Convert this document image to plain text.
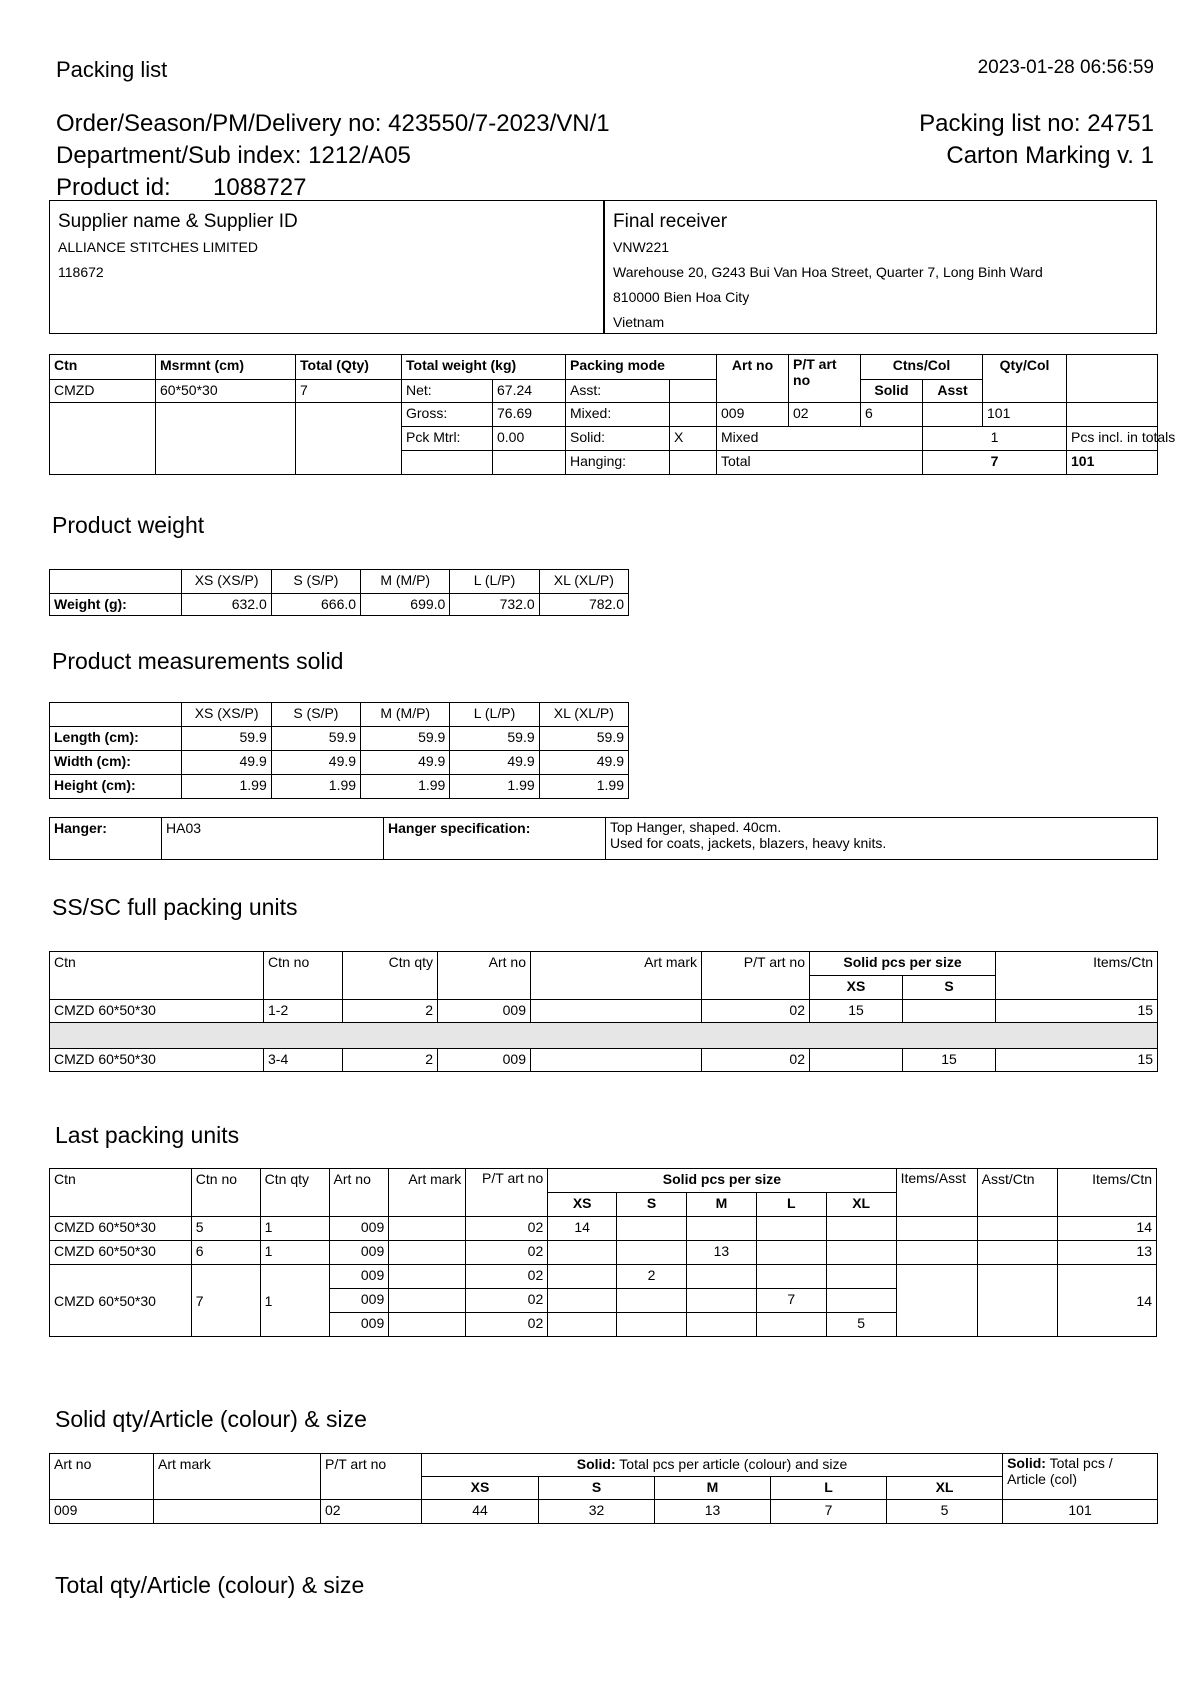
Packing list	2023-01-28 06:56:59
Order/Season/PM/Delivery no: 423550/7-2023/VN/1	Packing list no: 24751
Department/Sub index: 1212/A05	Carton Marking v. 1
Product id: 1088727
Supplier name & Supplier ID
ALLIANCE STITCHES LIMITED
118672
Final receiver
VNW221
Warehouse 20, G243 Bui Van Hoa Street, Quarter 7, Long Binh Ward
810000 Bien Hoa City
Vietnam
Ctn	Msrmnt (cm)	Total (Qty)	Total weight (kg)		Packing mode		Art no	P/T art no	Ctns/Col		Qty/Col		
CMZD	60*50*30	7	Net:	67.24	Asst:				Solid	Asst			
			Gross:	76.69	Mixed:		009	02	6		101		
			Pck Mtrl:	0.00	Solid:	X	Mixed			1		Pcs incl. in totals	
					Hanging:		Total			7		101	
Product weight
	XS (XS/P)	S (S/P)	M (M/P)	L (L/P)	XL (XL/P)
Weight (g):	632.0	666.0	699.0	732.0	782.0
Product measurements solid
	XS (XS/P)	S (S/P)	M (M/P)	L (L/P)	XL (XL/P)
Length (cm):	59.9	59.9	59.9	59.9	59.9
Width (cm):	49.9	49.9	49.9	49.9	49.9
Height (cm):	1.99	1.99	1.99	1.99	1.99
Hanger:	HA03	Hanger specification:	Top Hanger, shaped. 40cm.
Used for coats, jackets, blazers, heavy knits.
SS/SC full packing units
Ctn	Ctn no	Ctn qty	Art no	Art mark	P/T art no	Solid pcs per size		Items/Ctn
						XS	S	
CMZD 60*50*30	1-2	2	009		02	15		15

CMZD 60*50*30	3-4	2	009		02		15	15
Last packing units
Ctn	Ctn no	Ctn qty	Art no	Art mark	P/T art no	Solid pcs per size					Items/Asst	Asst/Ctn	Items/Ctn
						XS	S	M	L	XL			
CMZD 60*50*30	5	1	009		02	14							14
CMZD 60*50*30	6	1	009		02			13					13
CMZD 60*50*30	7	1	009		02		2						14
			009		02				7				
			009		02					5			
Solid qty/Article (colour) & size
Art no	Art mark	P/T art no	Solid: Total pcs per article (colour) and size					Solid: Total pcs / Article (col)
			XS	S	M	L	XL	
009		02	44	32	13	7	5	101
Total qty/Article (colour) & size
